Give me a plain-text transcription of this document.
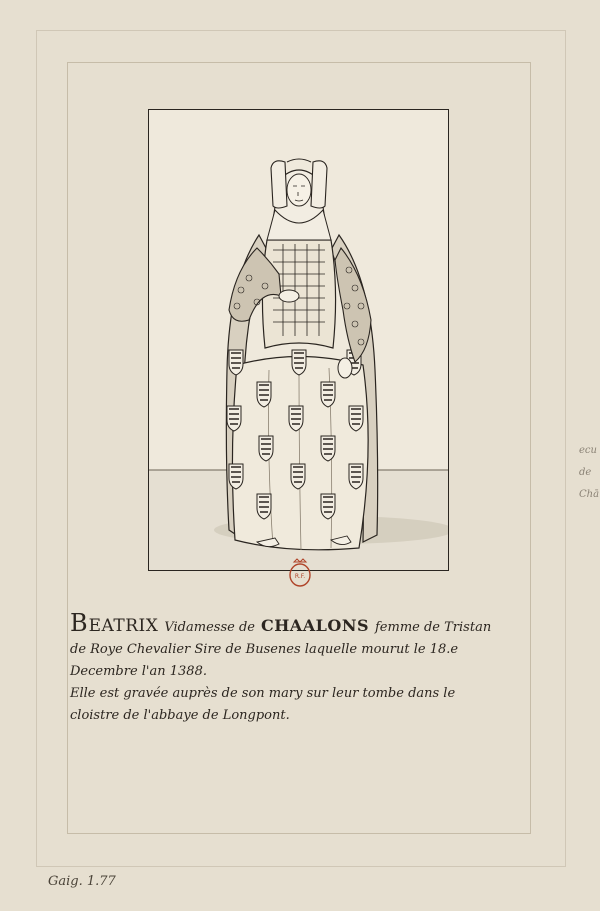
R.F.
BEATRIX Vidamesse de CHAALONS femme de Tristan
de Roye Chevalier Sire de Busenes laquelle mourut le 18.e
Decembre l'an 1388.
Elle est gravée auprès de son mary sur leur tombe dans le
cloistre de l'abbaye de Longpont.
ecu
de
Chā
Gaig. 1.77
